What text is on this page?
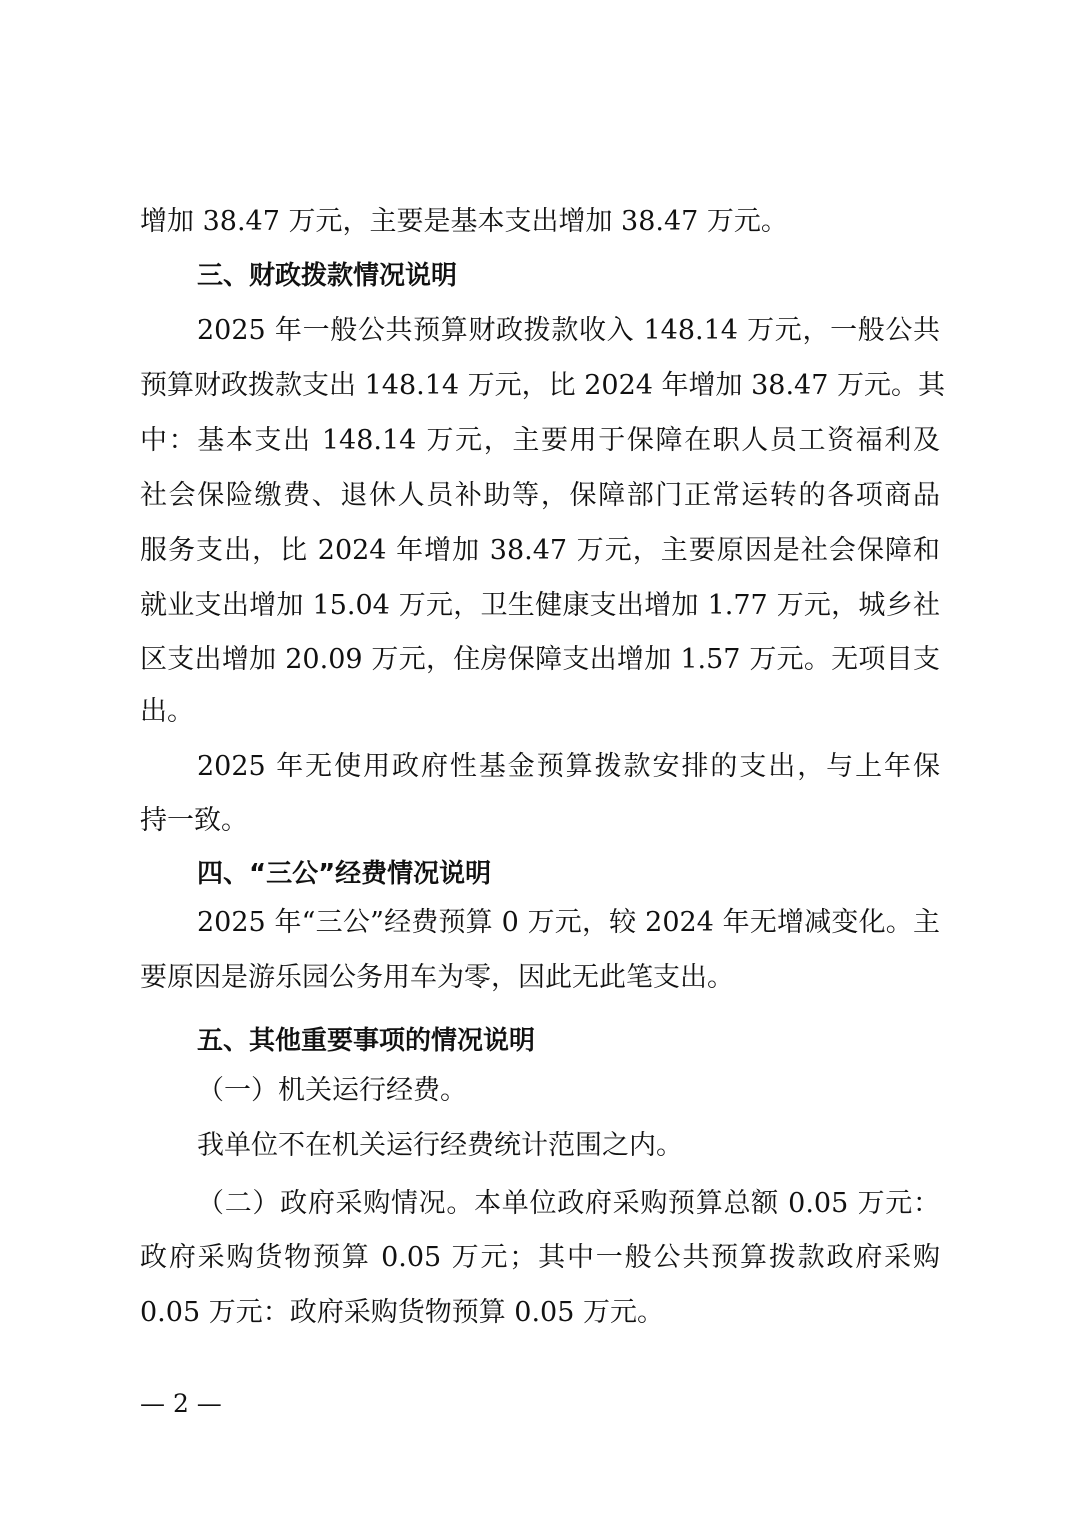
增加 38.47 万元，主要是基本支出增加 38.47 万元。
三、财政拨款情况说明
2025 年一般公共预算财政拨款收入 148.14 万元，一般公共
预算财政拨款支出 148.14 万元，比 2024 年增加 38.47 万元。其
中：基本支出 148.14 万元，主要用于保障在职人员工资福利及
社会保险缴费、退休人员补助等，保障部门正常运转的各项商品
服务支出，比 2024 年增加 38.47 万元，主要原因是社会保障和
就业支出增加 15.04 万元，卫生健康支出增加 1.77 万元，城乡社
区支出增加 20.09 万元，住房保障支出增加 1.57 万元。无项目支
出。
2025 年无使用政府性基金预算拨款安排的支出，与上年保
持一致。
四、“三公”经费情况说明
2025 年“三公”经费预算 0 万元，较 2024 年无增减变化。主
要原因是游乐园公务用车为零，因此无此笔支出。
五、其他重要事项的情况说明
（一）机关运行经费。
我单位不在机关运行经费统计范围之内。
（二）政府采购情况。本单位政府采购预算总额 0.05 万元：
政府采购货物预算 0.05 万元；其中一般公共预算拨款政府采购
0.05 万元：政府采购货物预算 0.05 万元。
— 2 —
